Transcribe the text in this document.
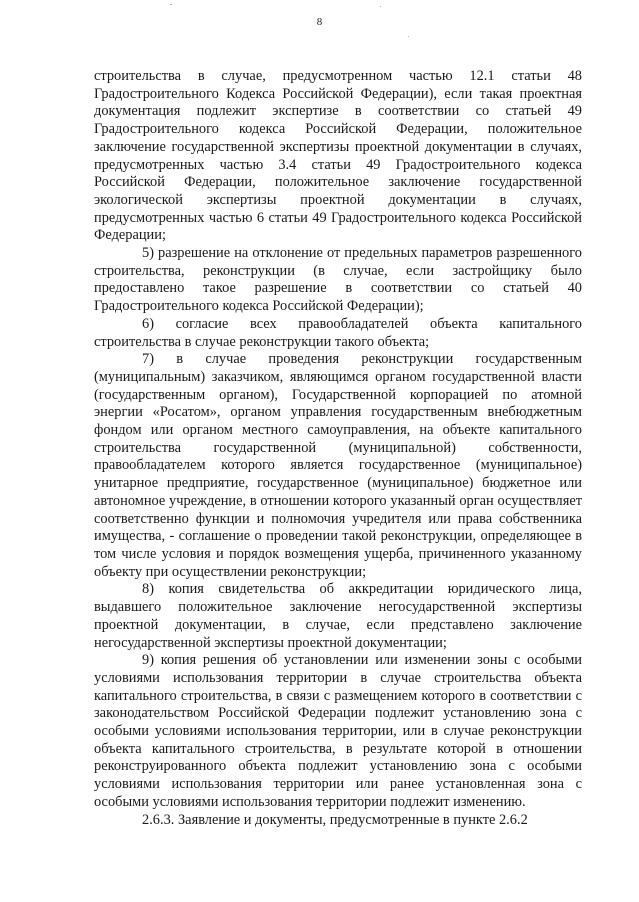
8

строительства в случае, предусмотренном частью 12.1 статьи 48 Градостроительного Кодекса Российской Федерации), если такая проектная документация подлежит экспертизе в соответствии со статьей 49 Градостроительного кодекса Российской Федерации, положительное заключение государственной экспертизы проектной документации в случаях, предусмотренных частью 3.4 статьи 49 Градостроительного кодекса Российской Федерации, положительное заключение государственной экологической экспертизы проектной документации в случаях, предусмотренных частью 6 статьи 49 Градостроительного кодекса Российской Федерации;

5) разрешение на отклонение от предельных параметров разрешенного строительства, реконструкции (в случае, если застройщику было предоставлено такое разрешение в соответствии со статьей 40 Градостроительного кодекса Российской Федерации);

6) согласие всех правообладателей объекта капитального строительства в случае реконструкции такого объекта;

7) в случае проведения реконструкции государственным (муниципальным) заказчиком, являющимся органом государственной власти (государственным органом), Государственной корпорацией по атомной энергии «Росатом», органом управления государственным внебюджетным фондом или органом местного самоуправления, на объекте капитального строительства государственной (муниципальной) собственности, правообладателем которого является государственное (муниципальное) унитарное предприятие, государственное (муниципальное) бюджетное или автономное учреждение, в отношении которого указанный орган осуществляет соответственно функции и полномочия учредителя или права собственника имущества, - соглашение о проведении такой реконструкции, определяющее в том числе условия и порядок возмещения ущерба, причиненного указанному объекту при осуществлении реконструкции;

8) копия свидетельства об аккредитации юридического лица, выдавшего положительное заключение негосударственной экспертизы проектной документации, в случае, если представлено заключение негосударственной экспертизы проектной документации;

9) копия решения об установлении или изменении зоны с особыми условиями использования территории в случае строительства объекта капитального строительства, в связи с размещением которого в соответствии с законодательством Российской Федерации подлежит установлению зона с особыми условиями использования территории, или в случае реконструкции объекта капитального строительства, в результате которой в отношении реконструированного объекта подлежит установлению зона с особыми условиями использования территории или ранее установленная зона с особыми условиями использования территории подлежит изменению.

2.6.3. Заявление и документы, предусмотренные в пункте 2.6.2
